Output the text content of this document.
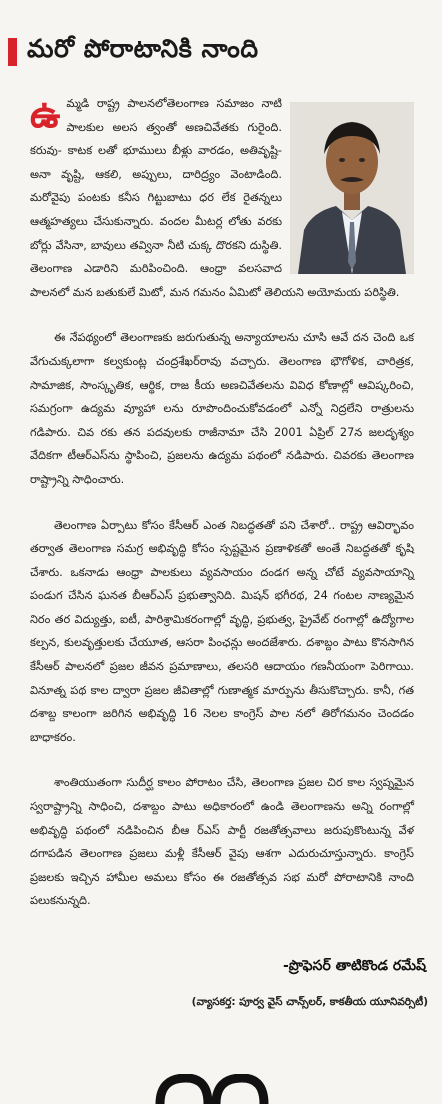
మరో పోరాటానికి నాంది

ఉమ్మడి రాష్ట్ర పాలనలోతెలంగాణ సమాజం నాటి పాలకుల అలస త్వంతో అణచివేతకు గురైంది. కరువు- కాటక లతో భూములు బీళ్లు వారడం, అతివృష్టి-అనా వృష్టి, ఆకలి, అప్పులు, దారిద్ర్యం వెంటాడింది. మరోవైపు పంటకు కనీస గిట్టుబాటు ధర లేక రైతన్నలు ఆత్మహత్యలు చేసుకున్నారు. వందల మీటర్ల లోతు వరకు బోర్లు వేసినా, బావులు తవ్వినా నీటి చుక్క దొరకని దుస్థితి. తెలంగాణ ఎడారిని మరిపించింది. ఆంధ్రా వలసవాద పాలనలో మన బతుకులే మిటో, మన గమనం ఏమిటో తెలియని అయోమయ పరిస్థితి.

ఈ నేపథ్యంలో తెలంగాణకు జరుగుతున్న అన్యాయాలను చూసి ఆవే దన చెంది ఒక వేగుచుక్కలాగా కల్వకుంట్ల చంద్రశేఖర్‌రావు వచ్చారు. తెలంగాణ భౌగోళిక, చారిత్రక, సామాజిక, సాంస్కృతిక, ఆర్థిక, రాజ కీయ అణచివేతలను వివిధ కోణాల్లో ఆవిష్కరించి, సమగ్రంగా ఉద్యమ వ్యూహా లను రూపొందించుకోవడంలో ఎన్నో నిద్రలేని రాత్రులను గడిపారు. చివ రకు తన పదవులకు రాజీనామా చేసి 2001 ఏప్రిల్ 27న జలదృశ్యం వేదికగా టీఆర్‌ఎస్‌ను స్థాపించి, ప్రజలను ఉద్యమ పథంలో నడిపారు. చివరకు తెలంగాణ రాష్ట్రాన్ని సాధించారు.

తెలంగాణ ఏర్పాటు కోసం కేసీఆర్ ఎంత నిబద్ధతతో పని చేశారో.. రాష్ట్ర ఆవిర్భావం తర్వాత తెలంగాణ సమగ్ర అభివృద్ధి కోసం స్పష్టమైన ప్రణాళికతో అంతే నిబద్ధతతో కృషి చేశారు. ఒకనాడు ఆంధ్రా పాలకులు వ్యవసాయం దండగ అన్న చోటే వ్యవసాయాన్ని పండుగ చేసిన ఘనత బీఆర్‌ఎస్ ప్రభుత్వానిది. మిషన్ భగీరథ, 24 గంటల నాణ్యమైన నిరం తర విద్యుత్తు, ఐటీ, పారిశ్రామికరంగాల్లో వృద్ధి, ప్రభుత్వ, ప్రైవేట్ రంగాల్లో ఉద్యోగాల కల్పన, కులవృత్తులకు చేయూత, ఆసరా పింఛన్లు అందజేశారు. దశాబ్దం పాటు కొనసాగిన కేసీఆర్ పాలనలో ప్రజల జీవన ప్రమాణాలు, తలసరి ఆదాయం గణనీయంగా పెరిగాయి. వినూత్న పథ కాల ద్వారా ప్రజల జీవితాల్లో గుణాత్మక మార్పును తీసుకొచ్చారు. కానీ, గత దశాబ్ద కాలంగా జరిగిన అభివృద్ధి 16 నెలల కాంగ్రెస్ పాల నలో తిరోగమనం చెందడం బాధాకరం.

శాంతియుతంగా సుదీర్ఘ కాలం పోరాటం చేసి, తెలంగాణ ప్రజల చిర కాల స్వప్నమైన స్వరాష్ట్రాన్ని సాధించి, దశాబ్దం పాటు అధికారంలో ఉండి తెలంగాణను అన్ని రంగాల్లో అభివృద్ధి పథంలో నడిపించిన బీఆ ర్‌ఎస్ పార్టీ రజతోత్సవాలు జరుపుకొంటున్న వేళ దగాపడిన తెలంగాణ ప్రజలు మళ్లీ కేసీఆర్ వైపు ఆశగా ఎదురుచూస్తున్నారు. కాంగ్రెస్ ప్రజలకు ఇచ్చిన హామీల అమలు కోసం ఈ రజతోత్సవ సభ మరో పోరాటానికి నాంది పలుకనున్నది.

-ప్రొఫెసర్ తాటికొండ రమేష్
(వ్యాసకర్త: పూర్వ వైస్ చాన్స్‌లర్, కాకతీయ యూనివర్సిటీ)
